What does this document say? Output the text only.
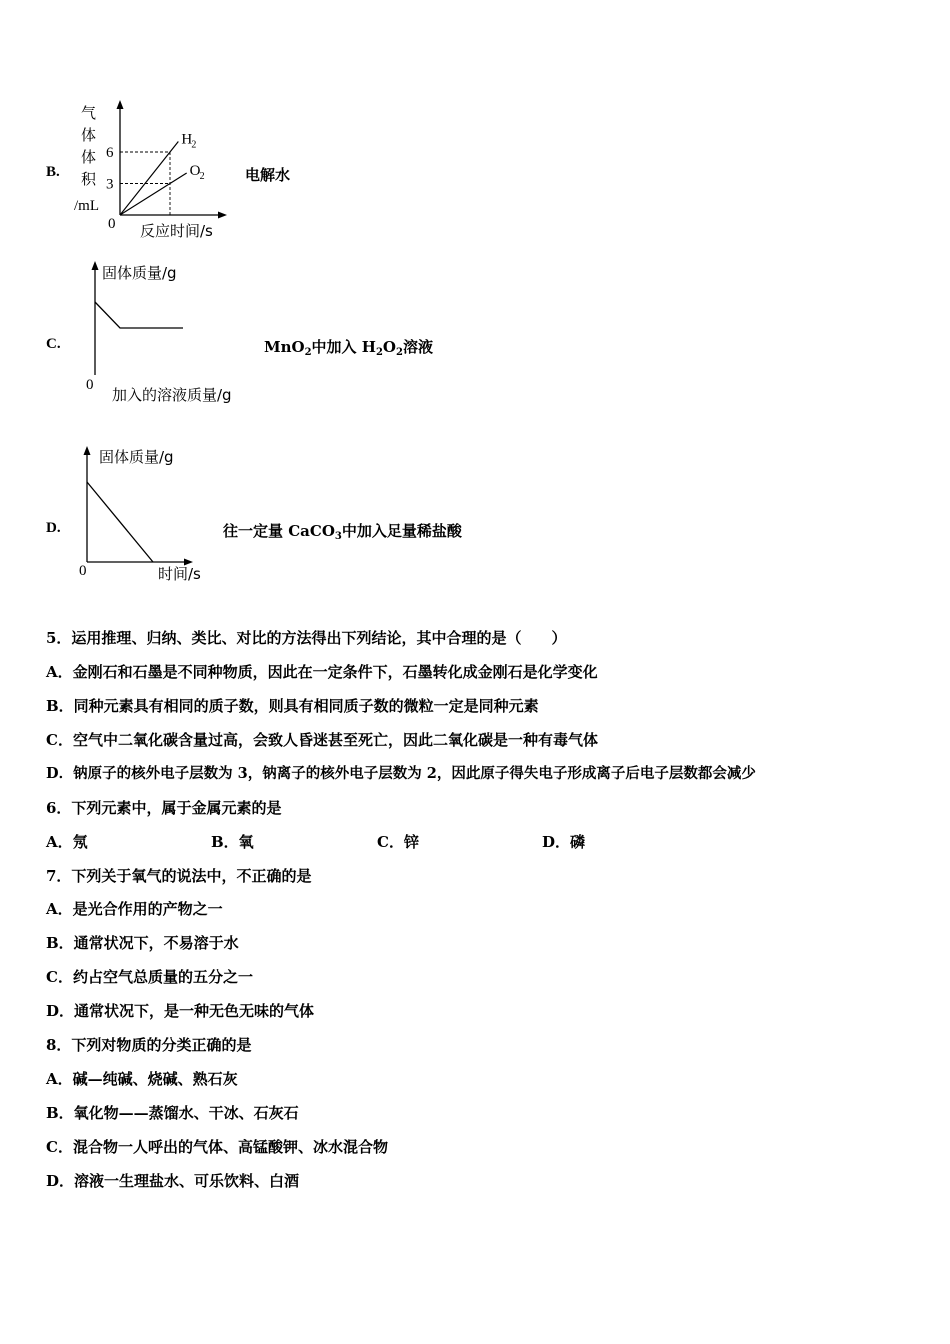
B.
气
体
体
积
/mL
0 反应时间/s
6
3
H 2
O 2	电解水
C.
固体质量/g
0
加入的溶液质量/g
MnO$_2$中加入 $H_2O_2$溶液
D.
固体质量/g
0	时间/s
往一定量 CaCO$_3$中加入足量稀盐酸
5．运用推理、归纳、类比、对比的方法得出下列结论，其中合理的是（　　）
A．金刚石和石墨是不同种物质，因此在一定条件下，石墨转化成金刚石是化学变化
B．同种元素具有相同的质子数，则具有相同质子数的微粒一定是同种元素
C．空气中二氧化碳含量过高，会致人昏迷甚至死亡，因此二氧化碳是一种有毒气体
D．钠原子的核外电子层数为 3，钠离子的核外电子层数为 2，因此原子得失电子形成离子后电子层数都会减少
6．下列元素中，属于金属元素的是
A．氖	B．氧	C．锌	D．磷
7．下列关于氧气的说法中，不正确的是
A．是光合作用的产物之一
B．通常状况下，不易溶于水
C．约占空气总质量的五分之一
D．通常状况下，是一种无色无味的气体
8．下列对物质的分类正确的是
A．碱—纯碱、烧碱、熟石灰
B．氧化物——蒸馏水、干冰、石灰石
C．混合物一人呼出的气体、高锰酸钾、冰水混合物
D．溶液一生理盐水、可乐饮料、白酒
